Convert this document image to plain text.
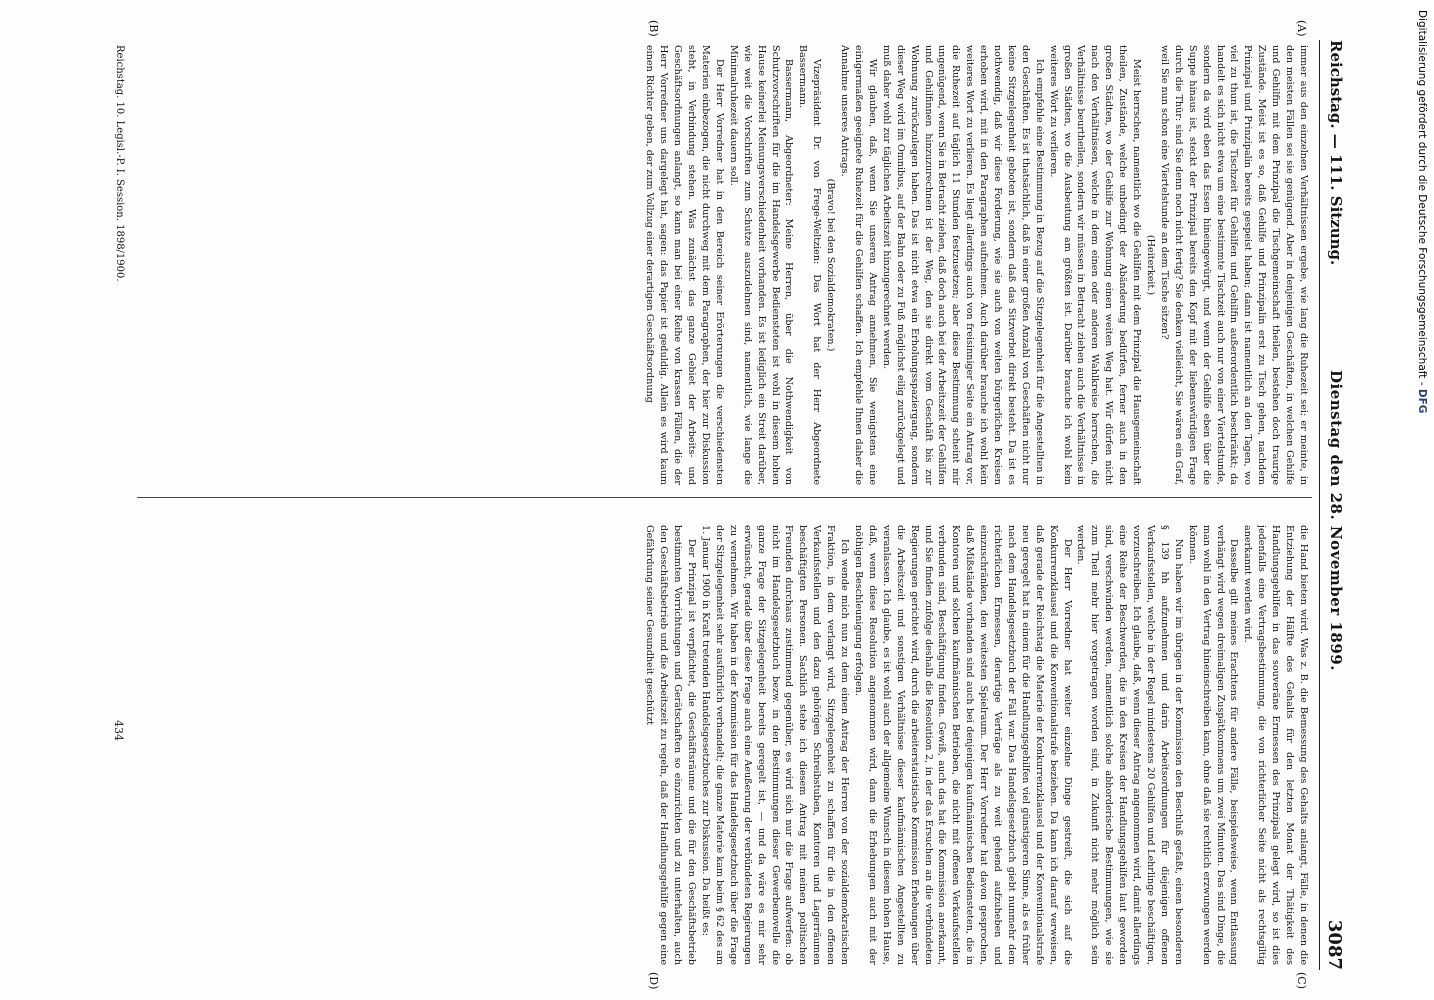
Reichstag. — 111. Sitzung.
Dienstag den 28. November 1899.
3087
(A)
(B)
(C)
(D)

immer aus den einzelnen Verhältnissen ergebe, wie lang die Ruhezeit sei; er meinte, in den meisten Fällen sei sie genügend. Aber in denjenigen Geschäften, in welchen Gehilfe und Gehilfin mit dem Prinzipal die Tischgemeinschaft theilen, bestehen doch traurige Zustände. Meist ist es so, daß Gehilfe und Prinzipalin erst zu Tisch gehen, nachdem Prinzipal und Prinzipalin bereits gespeist haben; dann ist namentlich an den Tagen, wo viel zu thun ist, die Tischzeit für Gehilfen und Gehilfin außerordentlich beschränkt; da handelt es sich nicht etwa um eine bestimmte Tischzeit auch nur von einer Viertelstunde, sondern da wird eben das Essen hineingewürgt, und wenn der Gehilfe eben über die Suppe hinaus ist, steckt der Prinzipal bereits den Kopf mit der liebenswürdigen Frage durch die Thür: sind Sie denn noch nicht fertig? Sie denken vielleicht, Sie wären ein Graf, weil Sie nun schon eine Viertelstunde an dem Tische sitzen?

(Heiterkeit.)

Meist herrschen, namentlich wo die Gehilfen mit dem Prinzipal die Hausgemeinschaft theilen, Zustände, welche unbedingt der Abänderung bedürfen, ferner auch in den großen Städten, wo der Gehilfe zur Wohnung einen weiten Weg hat. Wir dürfen nicht nach den Verhältnissen, welche in dem einen oder anderen Wahlkreise herrschen, die Verhältnisse beurtheilen, sondern wir müssen in Betracht ziehen auch die Verhältnisse in großen Städten, wo die Ausbeutung am größten ist. Darüber brauche ich wohl kein weiteres Wort zu verlieren.

Ich empfehle eine Bestimmung in Bezug auf die Sitzgelegenheit für die Angestellten in den Geschäften. Es ist thatsächlich, daß in einer großen Anzahl von Geschäften nicht nur keine Sitzgelegenheit geboten ist, sondern daß das Sitzverbot direkt besteht. Da ist es nothwendig, daß wir diese Forderung, wie sie auch von weiten bürgerlichen Kreisen erhoben wird, mit in den Paragraphen aufnehmen. Auch darüber brauche ich wohl kein weiteres Wort zu verlieren. Es liegt allerdings auch von freisinniger Seite ein Antrag vor, die Ruhezeit auf täglich 11 Stunden festzusetzen; aber diese Bestimmung scheint mir ungenügend, wenn Sie in Betracht ziehen, daß doch auch bei der Arbeitszeit der Gehilfen und Gehilfinnen hinzuzurechnen ist der Weg, den sie direkt vom Geschäft bis zur Wohnung zurückzulegen haben. Das ist nicht etwa ein Erholungsspaziergang, sondern dieser Weg wird im Omnibus, auf der Bahn oder zu Fuß möglichst eilig zurückgelegt und muß daher wohl zur täglichen Arbeitszeit hinzugerechnet werden.

Wir glauben, daß, wenn Sie unseren Antrag annehmen, Sie wenigstens eine einigermaßen geeignete Ruhezeit für die Gehilfen schaffen. Ich empfehle Ihnen daher die Annahme unseres Antrags.

(Bravo! bei den Sozialdemokraten.)

Vizepräsident Dr. von Frege-Weltzien: Das Wort hat der Herr Abgeordnete Bassermann.

Bassermann, Abgeordneter: Meine Herren, über die Nothwendigkeit von Schutzvorschriften für die im Handelsgewerbe Bediensteten ist wohl in diesem hohen Hause keinerlei Meinungsverschiedenheit vorhanden. Es ist lediglich ein Streit darüber, wie weit die Vorschriften zum Schutze auszudehnen sind, namentlich, wie lange die Minimalruhezeit dauern soll.

Der Herr Vorredner hat in den Bereich seiner Erörterungen die verschiedensten Materien einbezogen, die nicht durchweg mit dem Paragraphen, der hier zur Diskussion steht, in Verbindung stehen. Was zunächst das ganze Gebiet der Arbeits- und Geschäftsordnungen anlangt, so kann man bei einer Reihe von krassen Fällen, die der Herr Vorredner uns dargelegt hat, sagen: das Papier ist geduldig. Allein es wird kaum einen Richter geben, der zum Vollzug einer derartigen Geschäftsordnung

die Hand bieten wird. Was z. B. die Bemessung des Gehalts anlangt, Fälle, in denen die Entziehung der Hälfte des Gehalts für den letzten Monat der Thätigkeit des Handlungsgehilfen in das souveräne Ermessen des Prinzipals gelegt wird, so ist dies jedenfalls eine Vertragsbestimmung, die von richterlicher Seite nicht als rechtsgiltig anerkannt werden wird.

Dasselbe gilt meines Erachtens für andere Fälle, beispielsweise, wenn Entlassung verhängt wird wegen dreimaligen Zuspätkommens um zwei Minuten. Das sind Dinge, die man wohl in den Vertrag hineinschreiben kann, ohne daß sie rechtlich erzwungen werden können.

Nun haben wir im übrigen in der Kommission den Beschluß gefaßt, einen besonderen § 139 hh aufzunehmen und darin Arbeitsordnungen für diejenigen offenen Verkaufsstellen, welche in der Regel mindestens 20 Gehilfen und Lehrlinge beschäftigen, vorzuschreiben. Ich glaube, daß, wenn dieser Antrag angenommen wird, damit allerdings eine Reihe der Beschwerden, die in den Kreisen der Handlungsgehilfen laut geworden sind, verschwinden werden, namentlich solche abhorderische Bestimmungen, wie sie zum Theil mehr hier vorgetragen worden sind, in Zukunft nicht mehr möglich sein werden.

Der Herr Vorredner hat weiter einzelne Dinge gestreift, die sich auf die Konkurrenzklausel und die Konventionalstrafe beziehen. Da kann ich darauf verweisen, daß gerade der Reichstag die Materie der Konkurrenzklausel und der Konventionalstrafe neu geregelt hat in einem für die Handlungsgehilfen viel günstigeren Sinne, als es früher nach dem Handelsgesetzbuch der Fall war. Das Handelsgesetzbuch giebt nunmehr dem richterlichen Ermessen, derartige Verträge als zu weit gehend aufzuheben und einzuschränken, den weitesten Spielraum. Der Herr Vorredner hat davon gesprochen, daß Mißstände vorhanden sind auch bei denjenigen kaufmännischen Bediensteten, die in Kontoren und solchen kaufmännischen Betrieben, die nicht mit offenen Verkaufsstellen verbunden sind, Beschäftigung finden. Gewiß, auch das hat die Kommission anerkannt, und Sie finden zufolge deshalb die Resolution 2, in der das Ersuchen an die verbündeten Regierungen gerichtet wird, durch die arbeiterstatistische Kommission Erhebungen über die Arbeitszeit und sonstigen Verhältnisse dieser kaufmännischen Angestellten zu veranlassen. Ich glaube, es ist wohl auch der allgemeine Wunsch in diesem hohen Hause, daß, wenn diese Resolution angenommen wird, dann die Erhebungen auch mit der nöthigen Beschleunigung erfolgen.

Ich wende mich nun zu dem einen Antrag der Herren von der sozialdemokratischen Fraktion, in dem verlangt wird, Sitzgelegenheit zu schaffen für die in den offenen Verkaufsstellen und den dazu gehörigen Schreibstuben, Kontoren und Lagerräumen beschäftigten Personen. Sachlich stehe ich diesem Antrag mit meinen politischen Freunden durchaus zustimmend gegenüber, es wird sich nur die Frage aufwerfen: ob nicht im Handelsgesetzbuch bezw. in den Bestimmungen dieser Gewerbenovelle die ganze Frage der Sitzgelegenheit bereits geregelt ist, — und da wäre es mir sehr erwünscht, gerade über diese Frage auch eine Aeußerung der verbündeten Regierungen zu vernehmen. Wir haben in der Kommission für das Handelsgesetzbuch über die Frage der Sitzgelegenheit sehr ausführlich verhandelt; die ganze Materie kam beim § 62 des am 1. Januar 1900 in Kraft tretenden Handelsgesetzbuches zur Diskussion. Da heißt es:

Der Prinzipal ist verpflichtet, die Geschäftsräume und die für den Geschäftsbetrieb bestimmten Vorrichtungen und Gerätschaften so einzurichten und zu unterhalten, auch den Geschäftsbetrieb und die Arbeitszeit zu regeln, daß der Handlungsgehilfe gegen eine Gefährdung seiner Gesundheit geschützt

Reichstag. 10. Legisl.-P. I. Session. 1898/1900.
434
Digitalisierung gefördert durch die Deutsche Forschungsgemeinschaft - DFG
